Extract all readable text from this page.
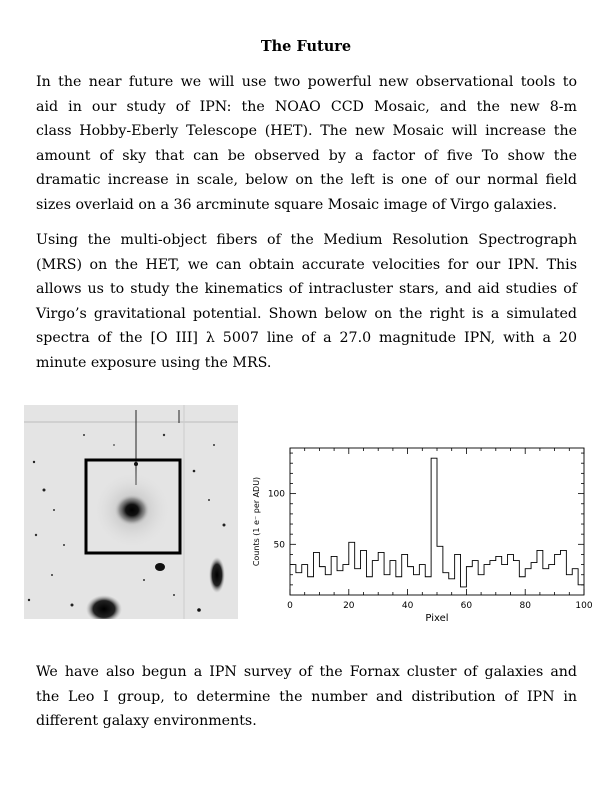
The Future
In the near future we will use two powerful new observational tools to
aid in our study of IPN: the NOAO CCD Mosaic, and the new 8-m
class Hobby-Eberly Telescope (HET). The new Mosaic will increase the
amount of sky that can be observed by a factor of five To show the
dramatic increase in scale, below on the left is one of our normal field
sizes overlaid on a 36 arcminute square Mosaic image of Virgo galaxies.
Using the multi-object fibers of the Medium Resolution Spectrograph
(MRS) on the HET, we can obtain accurate velocities for our IPN. This
allows us to study the kinematics of intracluster stars, and aid studies of
Virgo’s gravitational potential. Shown below on the right is a simulated
spectra of the [O III] λ 5007 line of a 27.0 magnitude IPN, with a 20
minute exposure using the MRS.
0	20	40	60	80	100
50
100
Pixel
Counts (1 e⁻ per ADU)
We have also begun a IPN survey of the Fornax cluster of galaxies and
the Leo I group, to determine the number and distribution of IPN in
different galaxy environments.
